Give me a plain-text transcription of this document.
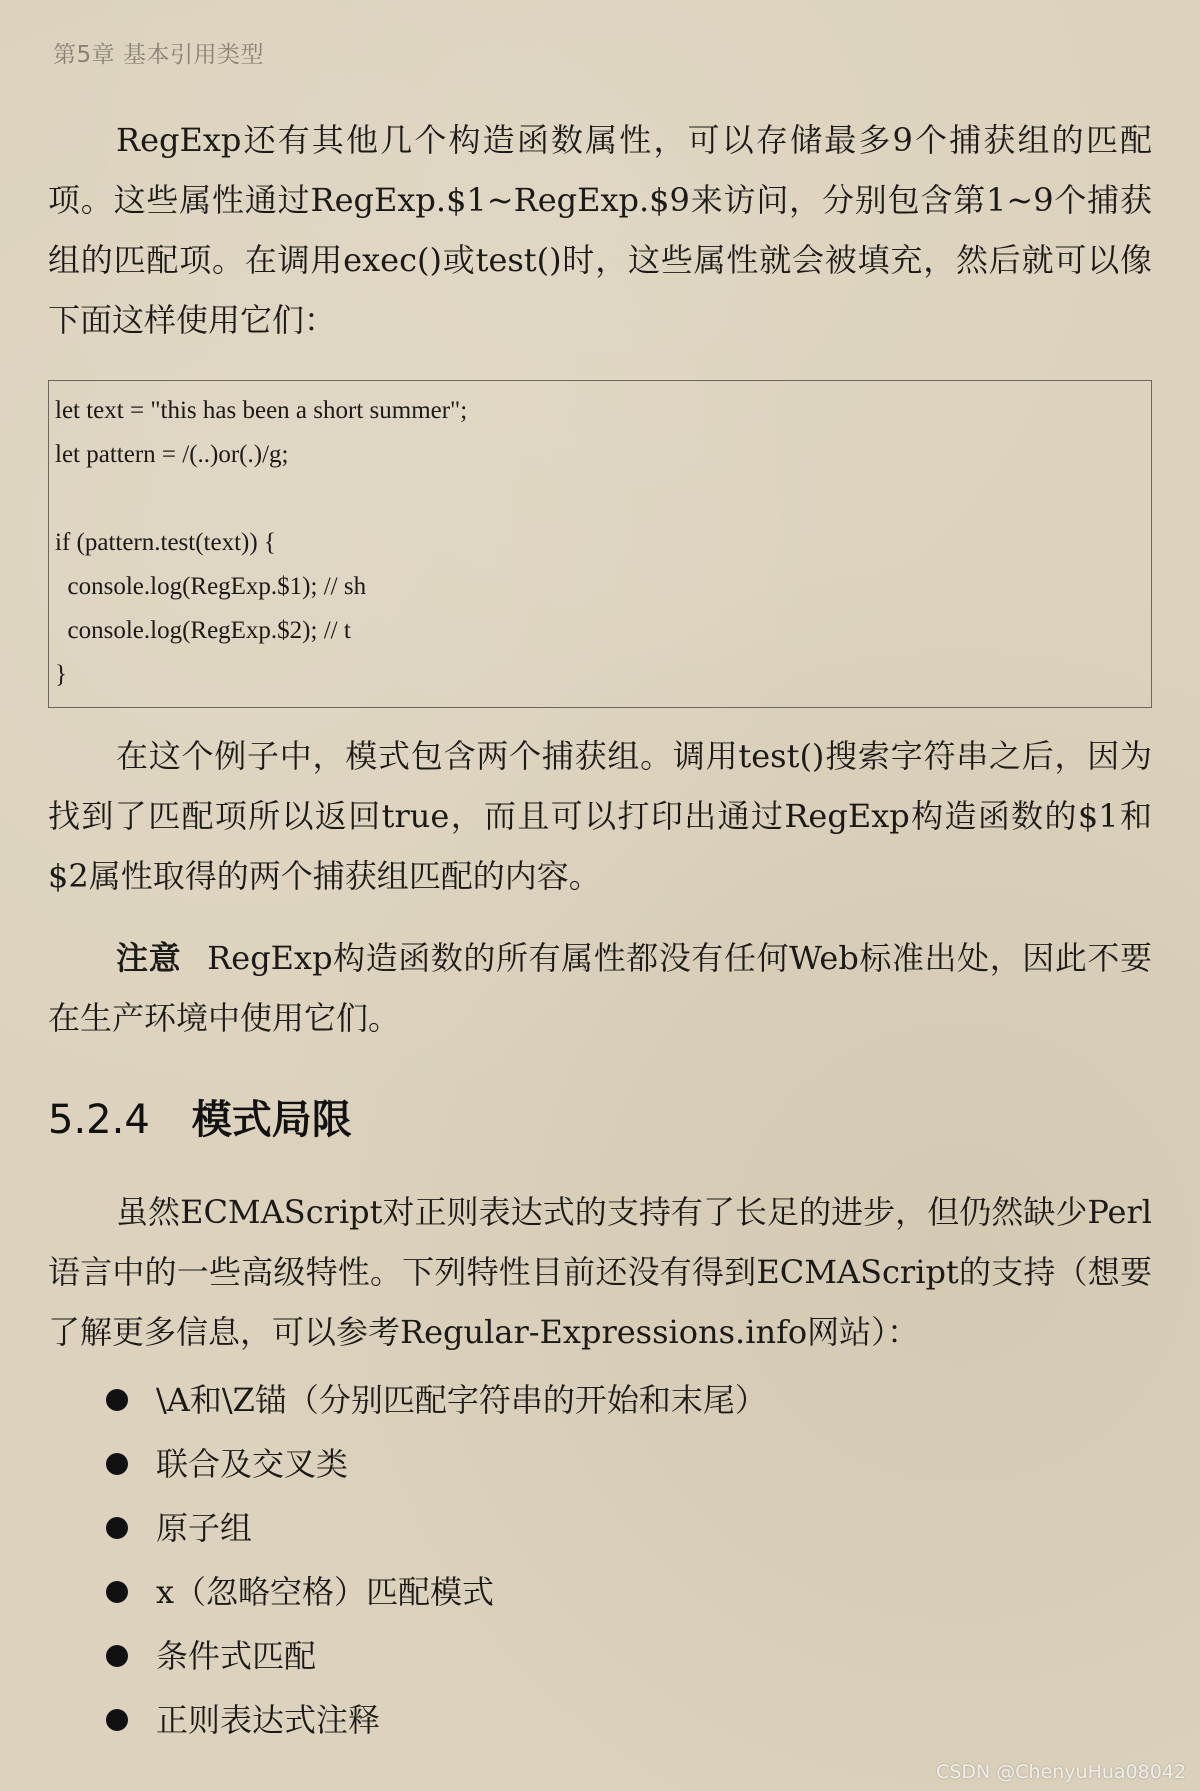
第5章 基本引用类型

RegExp还有其他几个构造函数属性，可以存储最多9个捕获组的匹配项。这些属性通过RegExp.$1~RegExp.$9来访问，分别包含第1~9个捕获组的匹配项。在调用exec()或test()时，这些属性就会被填充，然后就可以像下面这样使用它们：

let text = "this has been a short summer";
let pattern = /(..)or(.)/g;
if (pattern.test(text)) {
console.log(RegExp.$1); // sh
console.log(RegExp.$2); // t
}

在这个例子中，模式包含两个捕获组。调用test()搜索字符串之后，因为找到了匹配项所以返回true，而且可以打印出通过RegExp构造函数的$1和$2属性取得的两个捕获组匹配的内容。

注意 RegExp构造函数的所有属性都没有任何Web标准出处，因此不要在生产环境中使用它们。

5.2.4 模式局限

虽然ECMAScript对正则表达式的支持有了长足的进步，但仍然缺少Perl语言中的一些高级特性。下列特性目前还没有得到ECMAScript的支持（想要了解更多信息，可以参考Regular-Expressions.info网站）：

\A和\Z锚（分别匹配字符串的开始和末尾）
联合及交叉类
原子组
x（忽略空格）匹配模式
条件式匹配
正则表达式注释
CSDN @ChenyuHua08042
